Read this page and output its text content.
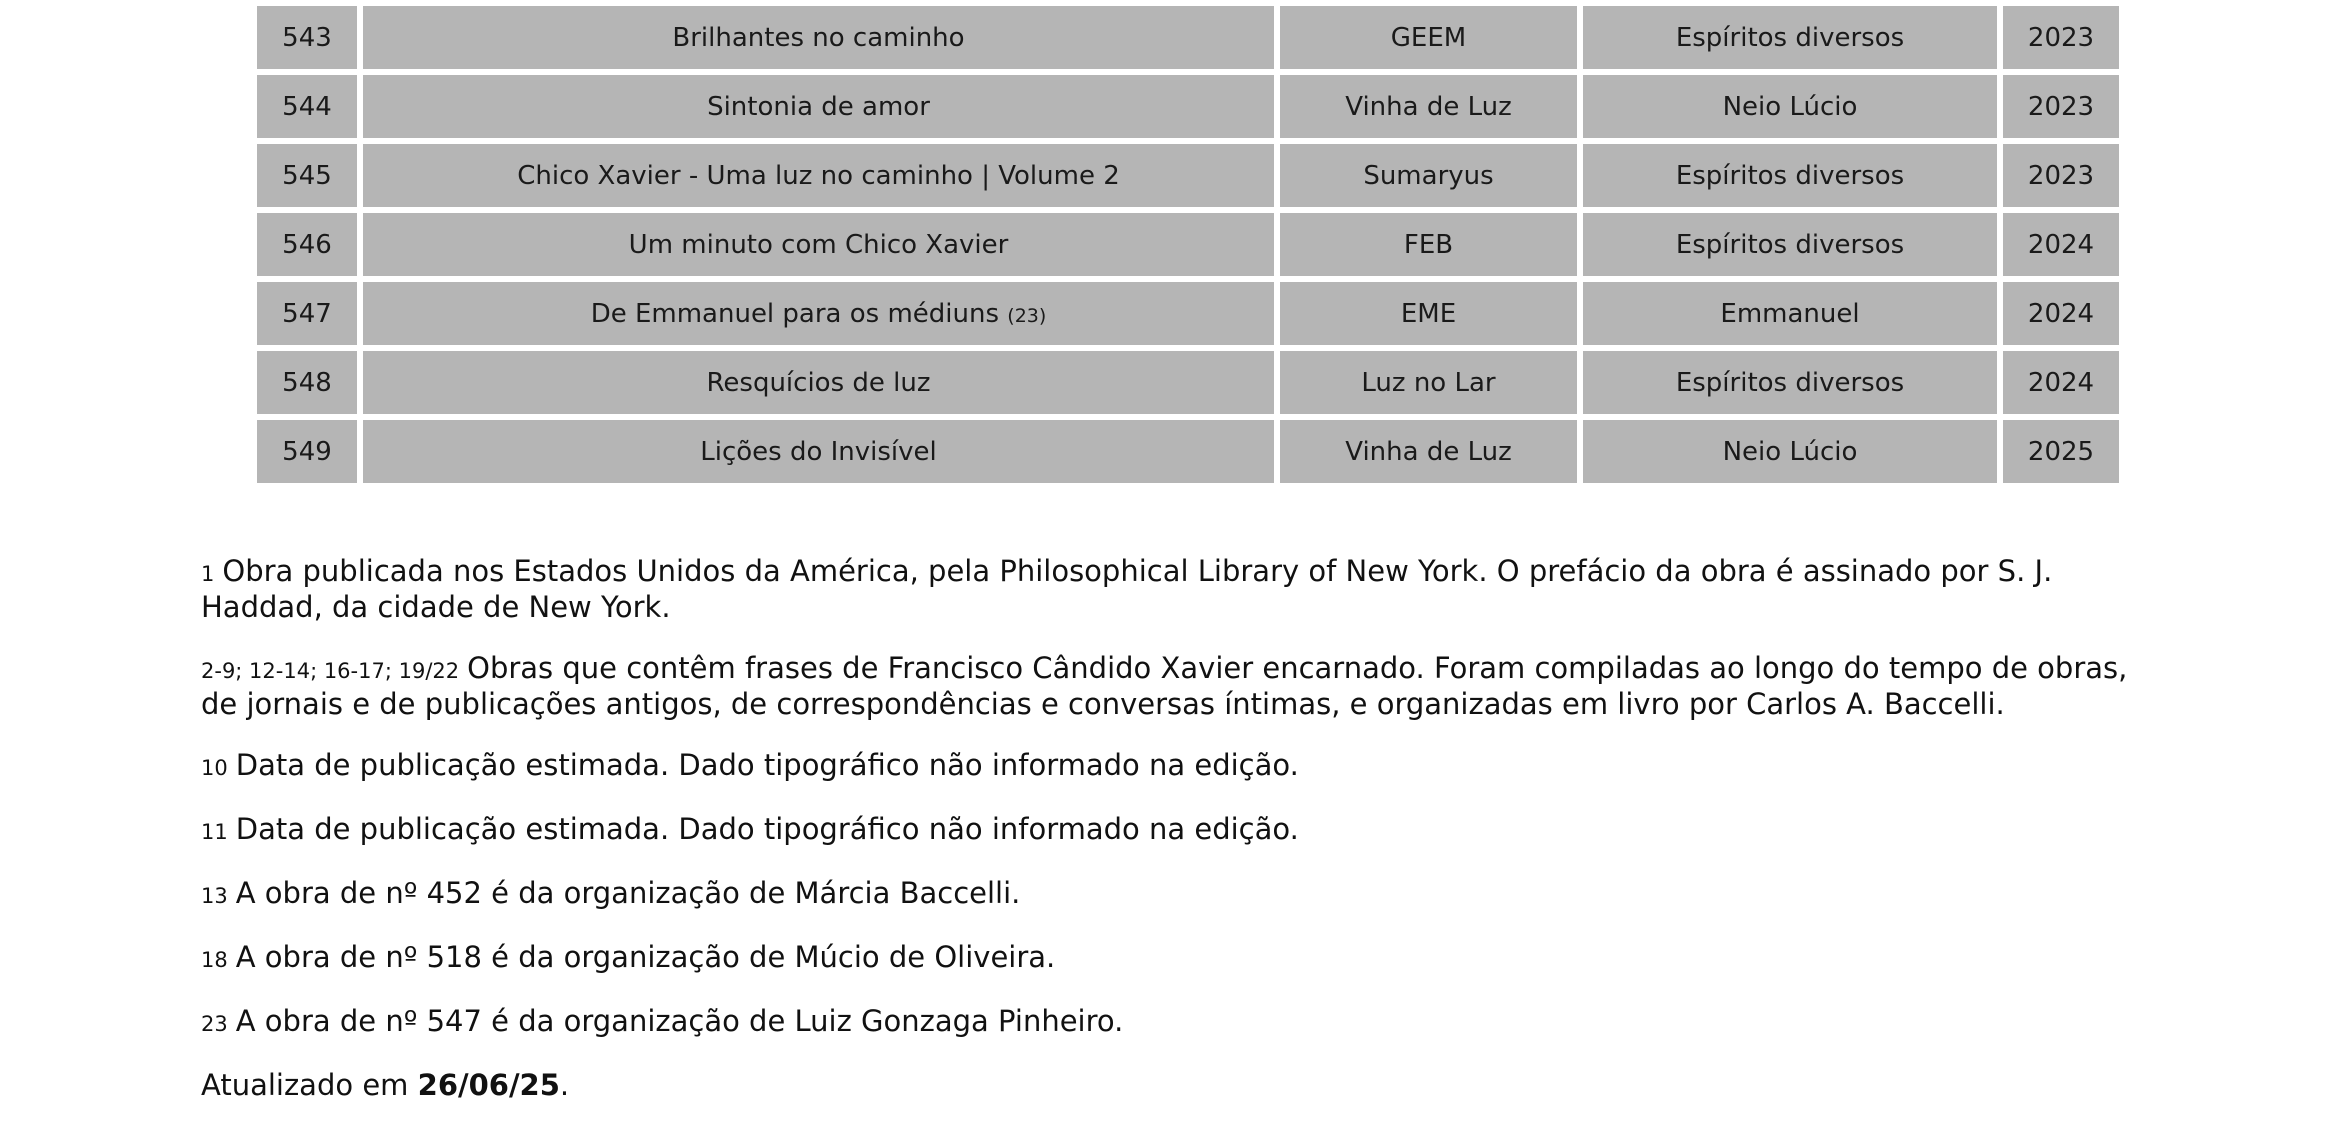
543	Brilhantes no caminho	GEEM	Espíritos diversos	2023
544	Sintonia de amor	Vinha de Luz	Neio Lúcio	2023
545	Chico Xavier - Uma luz no caminho | Volume 2	Sumaryus	Espíritos diversos	2023
546	Um minuto com Chico Xavier	FEB	Espíritos diversos	2024
547	De Emmanuel para os médiuns (23)	EME	Emmanuel	2024
548	Resquícios de luz	Luz no Lar	Espíritos diversos	2024
549	Lições do Invisível	Vinha de Luz	Neio Lúcio	2025

1 Obra publicada nos Estados Unidos da América, pela Philosophical Library of New York. O prefácio da obra é assinado por S. J. Haddad, da cidade de New York.

2-9; 12-14; 16-17; 19/22 Obras que contêm frases de Francisco Cândido Xavier encarnado. Foram compiladas ao longo do tempo de obras, de jornais e de publicações antigos, de correspondências e conversas íntimas, e organizadas em livro por Carlos A. Baccelli.

10 Data de publicação estimada. Dado tipográfico não informado na edição.

11 Data de publicação estimada. Dado tipográfico não informado na edição.

13 A obra de nº 452 é da organização de Márcia Baccelli.

18 A obra de nº 518 é da organização de Múcio de Oliveira.

23 A obra de nº 547 é da organização de Luiz Gonzaga Pinheiro.

Atualizado em 26/06/25.
